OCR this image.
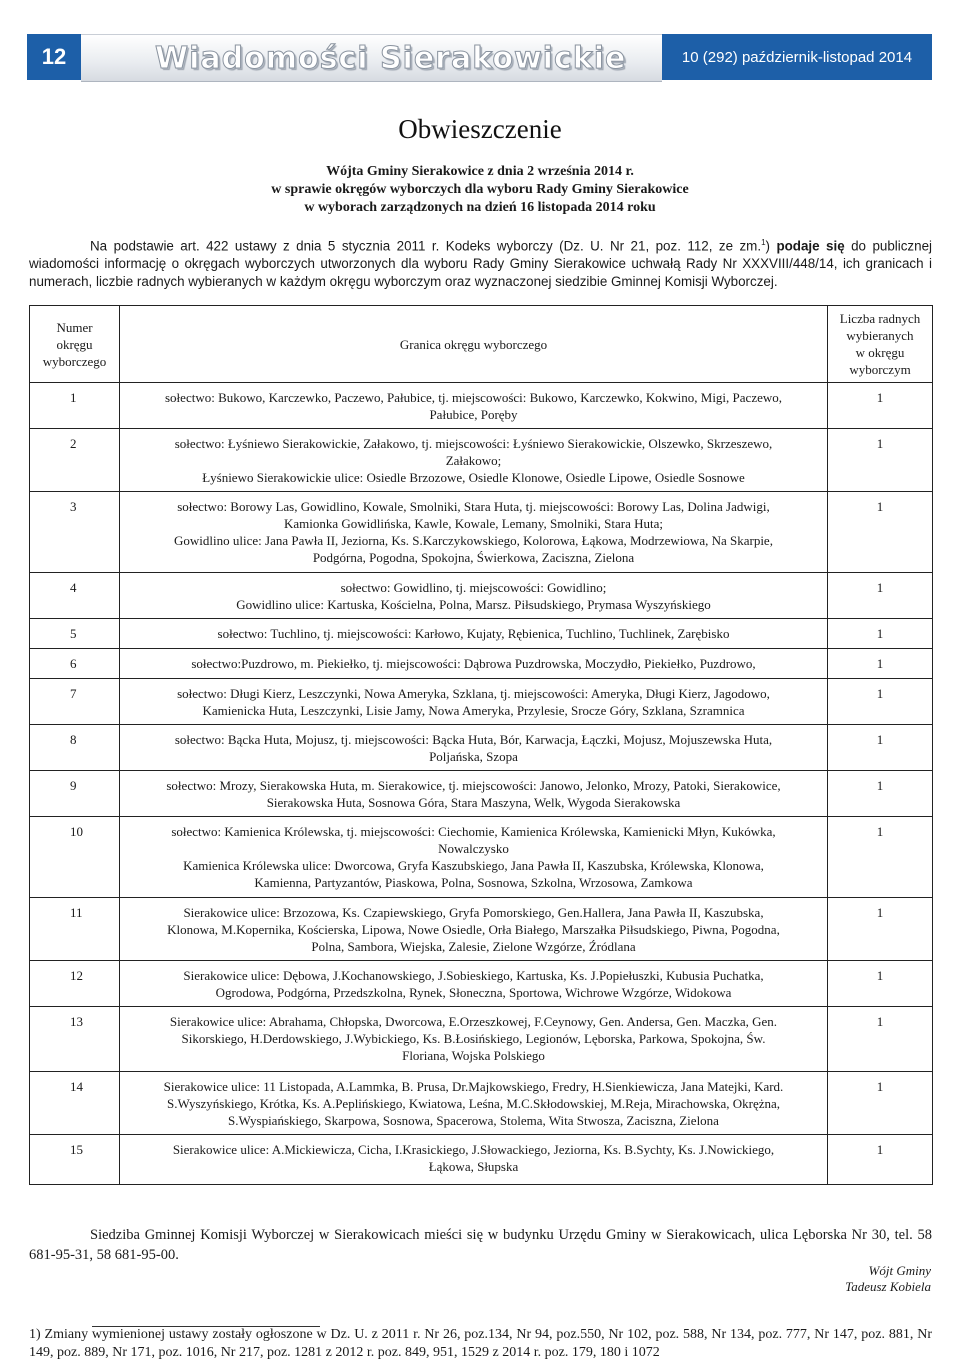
12	Wiadomości Sierakowickie	10 (292) październik-listopad 2014
Obwieszczenie
Wójta Gminy Sierakowice z dnia 2 września 2014 r.
w sprawie okręgów wyborczych dla wyboru Rady Gminy Sierakowice
w wyborach zarządzonych na dzień 16 listopada 2014 roku
Na podstawie art. 422 ustawy z dnia 5 stycznia 2011 r. Kodeks wyborczy (Dz. U. Nr 21, poz. 112, ze zm.$^1$) podaje się do publicznej wiadomości informację o okręgach wyborczych utworzonych dla wyboru Rady Gminy Sierakowice uchwałą Rady Nr XXXVIII/448/14, ich granicach i numerach, liczbie radnych wybieranych w każdym okręgu wyborczym oraz wyznaczonej siedzibie Gminnej Komisji Wyborczej.
Numer
okręgu
wyborczego	Granica okręgu wyborczego	Liczba radnych
wybieranych
w okręgu
wyborczym

1	sołectwo: Bukowo, Karczewko, Paczewo, Pałubice, tj. miejscowości: Bukowo, Karczewko, Kokwino, Migi, Paczewo,
Pałubice, Poręby	1
2	sołectwo: Łyśniewo Sierakowickie, Załakowo, tj. miejscowości: Łyśniewo Sierakowickie, Olszewko, Skrzeszewo,
Załakowo;
Łyśniewo Sierakowickie ulice: Osiedle Brzozowe, Osiedle Klonowe, Osiedle Lipowe, Osiedle Sosnowe	1
3	sołectwo: Borowy Las, Gowidlino, Kowale, Smolniki, Stara Huta, tj. miejscowości: Borowy Las, Dolina Jadwigi,
Kamionka Gowidlińska, Kawle, Kowale, Lemany, Smolniki, Stara Huta;
Gowidlino ulice: Jana Pawła II, Jeziorna, Ks. S.Karczykowskiego, Kolorowa, Łąkowa, Modrzewiowa, Na Skarpie,
Podgórna, Pogodna, Spokojna, Świerkowa, Zaciszna, Zielona	1
4	sołectwo: Gowidlino, tj. miejscowości: Gowidlino;
Gowidlino ulice: Kartuska, Kościelna, Polna, Marsz. Piłsudskiego, Prymasa Wyszyńskiego	1
5	sołectwo: Tuchlino, tj. miejscowości: Karłowo, Kujaty, Rębienica, Tuchlino, Tuchlinek, Zarębisko	1
6	sołectwo:Puzdrowo, m. Piekiełko, tj. miejscowości: Dąbrowa Puzdrowska, Moczydło, Piekiełko, Puzdrowo,	1
7	sołectwo: Długi Kierz, Leszczynki, Nowa Ameryka, Szklana, tj. miejscowości: Ameryka, Długi Kierz, Jagodowo,
Kamienicka Huta, Leszczynki, Lisie Jamy, Nowa Ameryka, Przylesie, Srocze Góry, Szklana, Szramnica	1
8	sołectwo: Bącka Huta, Mojusz, tj. miejscowości: Bącka Huta, Bór, Karwacja, Łączki, Mojusz, Mojuszewska Huta,
Poljańska, Szopa	1
9	sołectwo: Mrozy, Sierakowska Huta, m. Sierakowice, tj. miejscowości: Janowo, Jelonko, Mrozy, Patoki, Sierakowice,
Sierakowska Huta, Sosnowa Góra, Stara Maszyna, Welk, Wygoda Sierakowska	1
10	sołectwo: Kamienica Królewska, tj. miejscowości: Ciechomie, Kamienica Królewska, Kamienicki Młyn, Kukówka,
Nowalczysko
Kamienica Królewska ulice: Dworcowa, Gryfa Kaszubskiego, Jana Pawła II, Kaszubska, Królewska, Klonowa,
Kamienna, Partyzantów, Piaskowa, Polna, Sosnowa, Szkolna, Wrzosowa, Zamkowa	1
11	Sierakowice ulice: Brzozowa, Ks. Czapiewskiego, Gryfa Pomorskiego, Gen.Hallera, Jana Pawła II, Kaszubska,
Klonowa, M.Kopernika, Kościerska, Lipowa, Nowe Osiedle, Orła Białego, Marszałka Piłsudskiego, Piwna, Pogodna,
Polna, Sambora, Wiejska, Zalesie, Zielone Wzgórze, Źródlana	1
12	Sierakowice ulice: Dębowa, J.Kochanowskiego, J.Sobieskiego, Kartuska, Ks. J.Popiełuszki, Kubusia Puchatka,
Ogrodowa, Podgórna, Przedszkolna, Rynek, Słoneczna, Sportowa, Wichrowe Wzgórze, Widokowa	1
13	Sierakowice ulice: Abrahama, Chłopska, Dworcowa, E.Orzeszkowej, F.Ceynowy, Gen. Andersa, Gen. Maczka, Gen.
Sikorskiego, H.Derdowskiego, J.Wybickiego, Ks. B.Łosińskiego, Legionów, Lęborska, Parkowa, Spokojna, Św.
Floriana, Wojska Polskiego	1
14	Sierakowice ulice: 11 Listopada, A.Lammka, B. Prusa, Dr.Majkowskiego, Fredry, H.Sienkiewicza, Jana Matejki, Kard.
S.Wyszyńskiego, Krótka, Ks. A.Peplińskiego, Kwiatowa, Leśna, M.C.Skłodowskiej, M.Reja, Mirachowska, Okrężna,
S.Wyspiańskiego, Skarpowa, Sosnowa, Spacerowa, Stolema, Wita Stwosza, Zaciszna, Zielona	1
15	Sierakowice ulice: A.Mickiewicza, Cicha, I.Krasickiego, J.Słowackiego, Jeziorna, Ks. B.Sychty, Ks. J.Nowickiego,
Łąkowa, Słupska	1
Siedziba Gminnej Komisji Wyborczej w Sierakowicach mieści się w budynku Urzędu Gminy w Sierakowicach, ulica Lęborska Nr 30, tel. 58 681-95-31, 58 681-95-00.
Wójt Gminy
Tadeusz Kobiela
1) Zmiany wymienionej ustawy zostały ogłoszone w Dz. U. z 2011 r. Nr 26, poz.134, Nr 94, poz.550, Nr 102, poz. 588, Nr 134, poz. 777, Nr 147, poz. 881, Nr 149, poz. 889, Nr 171, poz. 1016, Nr 217, poz. 1281 z 2012 r. poz. 849, 951, 1529 z 2014 r. poz. 179, 180 i 1072
